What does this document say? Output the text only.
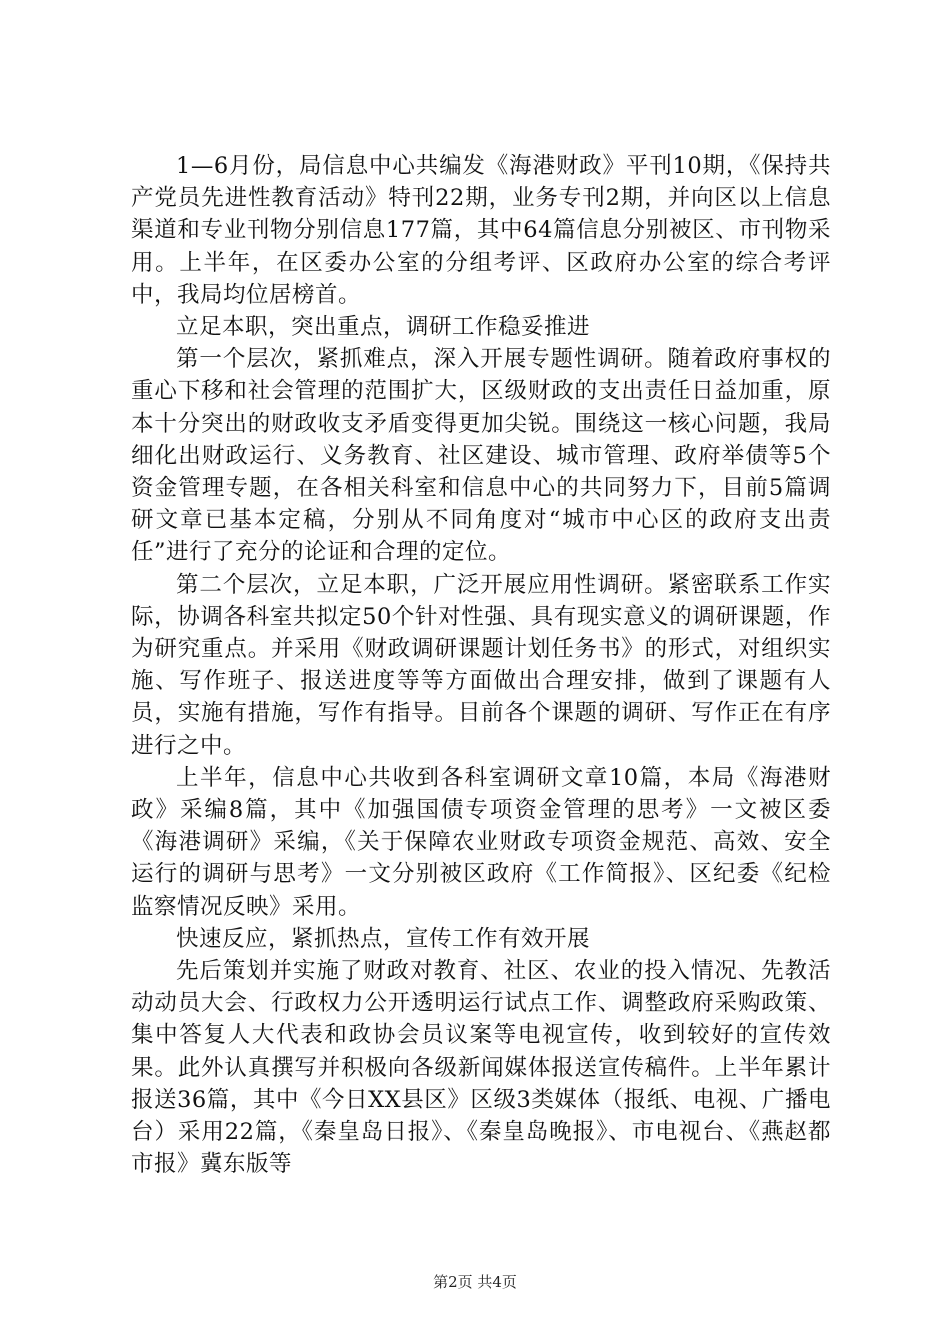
1—6月份，局信息中心共编发《海港财政》平刊10期，《保持共产党员先进性教育活动》特刊22期，业务专刊2期，并向区以上信息渠道和专业刊物分别信息177篇，其中64篇信息分别被区、市刊物采用。上半年，在区委办公室的分组考评、区政府办公室的综合考评中，我局均位居榜首。

立足本职，突出重点，调研工作稳妥推进

第一个层次，紧抓难点，深入开展专题性调研。随着政府事权的重心下移和社会管理的范围扩大，区级财政的支出责任日益加重，原本十分突出的财政收支矛盾变得更加尖锐。围绕这一核心问题，我局细化出财政运行、义务教育、社区建设、城市管理、政府举债等5个资金管理专题，在各相关科室和信息中心的共同努力下，目前5篇调研文章已基本定稿，分别从不同角度对“城市中心区的政府支出责任”进行了充分的论证和合理的定位。

第二个层次，立足本职，广泛开展应用性调研。紧密联系工作实际，协调各科室共拟定50个针对性强、具有现实意义的调研课题，作为研究重点。并采用《财政调研课题计划任务书》的形式，对组织实施、写作班子、报送进度等等方面做出合理安排，做到了课题有人员，实施有措施，写作有指导。目前各个课题的调研、写作正在有序进行之中。

上半年，信息中心共收到各科室调研文章10篇，本局《海港财政》采编8篇，其中《加强国债专项资金管理的思考》一文被区委《海港调研》采编，《关于保障农业财政专项资金规范、高效、安全运行的调研与思考》一文分别被区政府《工作简报》、区纪委《纪检监察情况反映》采用。

快速反应，紧抓热点，宣传工作有效开展

先后策划并实施了财政对教育、社区、农业的投入情况、先教活动动员大会、行政权力公开透明运行试点工作、调整政府采购政策、集中答复人大代表和政协会员议案等电视宣传，收到较好的宣传效果。此外认真撰写并积极向各级新闻媒体报送宣传稿件。上半年累计报送36篇，其中《今日XX县区》区级3类媒体（报纸、电视、广播电台）采用22篇，《秦皇岛日报》、《秦皇岛晚报》、市电视台、《燕赵都市报》冀东版等

第2页 共4页
